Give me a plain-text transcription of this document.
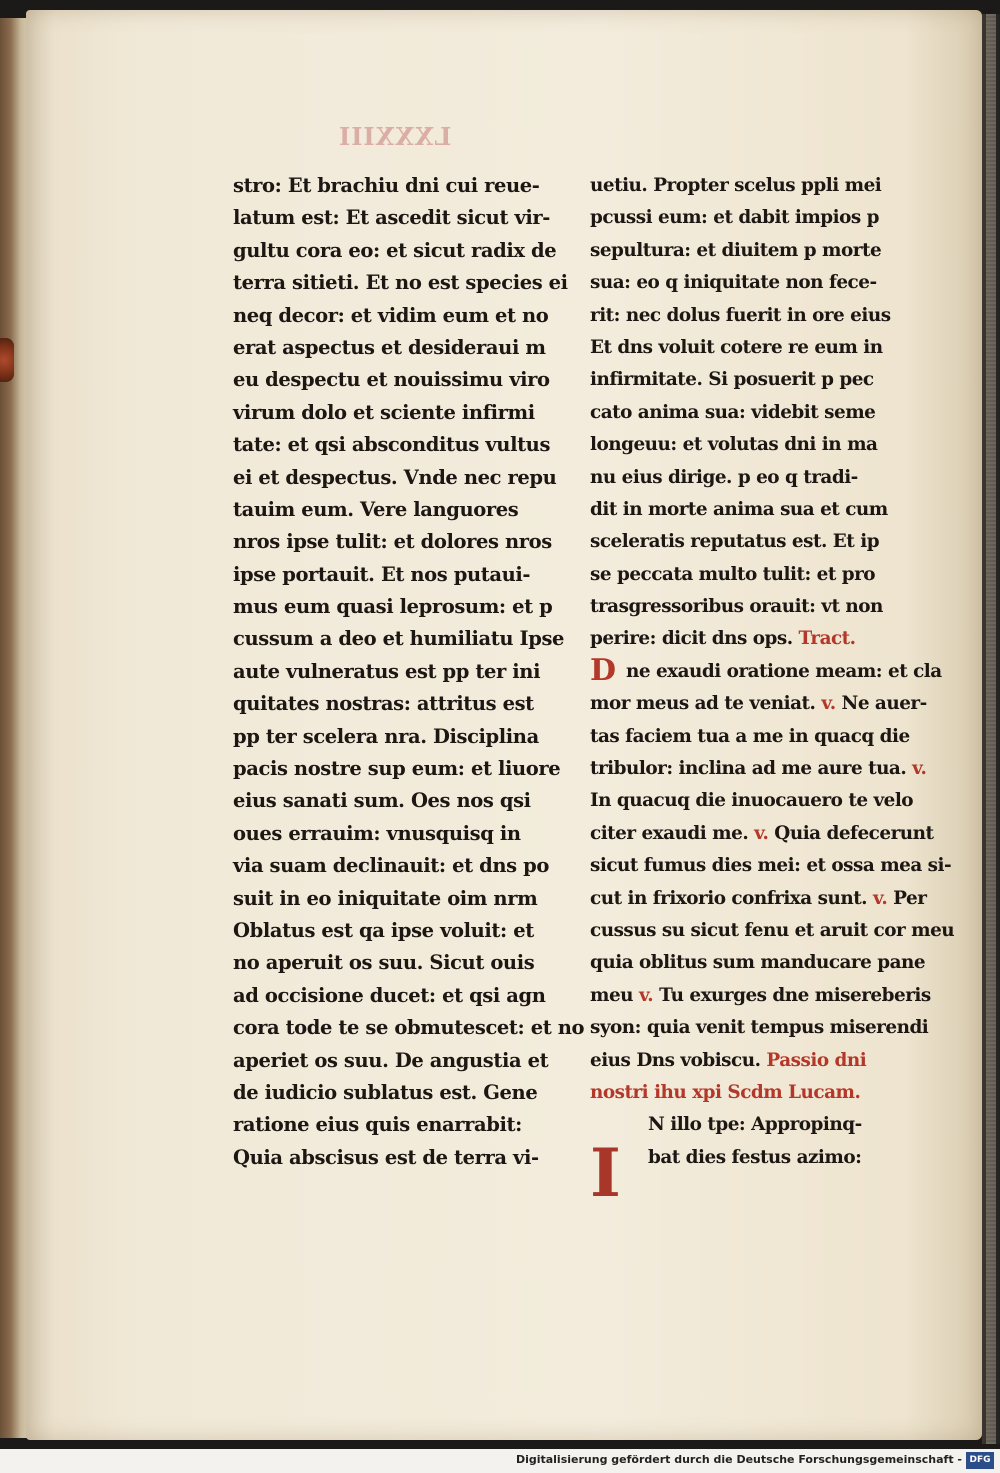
LXXXIII
stro: Et brachiu dni cui reue-
latum est: Et ascedit sicut vir-
gultu cora eo: et sicut radix de
terra sitieti. Et no est species ei
neq decor: et vidim eum et no
erat aspectus et desideraui m
eu despectu et nouissimu viro
virum dolo et sciente infirmi
tate: et qsi absconditus vultus
ei et despectus. Vnde nec repu
tauim eum. Vere languores
nros ipse tulit: et dolores nros
ipse portauit. Et nos putaui-
mus eum quasi leprosum: et p
cussum a deo et humiliatu Ipse
aute vulneratus est pp ter ini
quitates nostras: attritus est
pp ter scelera nra. Disciplina
pacis nostre sup eum: et liuore
eius sanati sum. Oes nos qsi
oues errauim: vnusquisq in
via suam declinauit: et dns po
suit in eo iniquitate oim nrm
Oblatus est qa ipse voluit: et
no aperuit os suu. Sicut ouis
ad occisione ducet: et qsi agn
cora tode te se obmutescet: et no
aperiet os suu. De angustia et
de iudicio sublatus est. Gene
ratione eius quis enarrabit:
Quia abscisus est de terra vi-
uetiu. Propter scelus ppli mei
pcussi eum: et dabit impios p
sepultura: et diuitem p morte
sua: eo q iniquitate non fece-
rit: nec dolus fuerit in ore eius
Et dns voluit cotere re eum in
infirmitate. Si posuerit p pec
cato anima sua: videbit seme
longeuu: et volutas dni in ma
nu eius dirige. p eo q tradi-
dit in morte anima sua et cum
sceleratis reputatus est. Et ip
se peccata multo tulit: et pro
trasgressoribus orauit: vt non
perire: dicit dns ops. Tract.
D ne exaudi oratione meam: et cla
mor meus ad te veniat. v. Ne auer-
tas faciem tua a me in quacq die
tribulor: inclina ad me aure tua. v.
In quacuq die inuocauero te velo
citer exaudi me. v. Quia defecerunt
sicut fumus dies mei: et ossa mea si-
cut in frixorio confrixa sunt. v. Per
cussus su sicut fenu et aruit cor meu
quia oblitus sum manducare pane
meu v. Tu exurges dne misereberis
syon: quia venit tempus miserendi
eius Dns vobiscu. Passio dni
nostri ihu xpi Scdm Lucam.
I
N illo tpe: Appropinq-
bat dies festus azimo:
Digitalisierung gefördert durch die Deutsche Forschungsgemeinschaft - DFG
